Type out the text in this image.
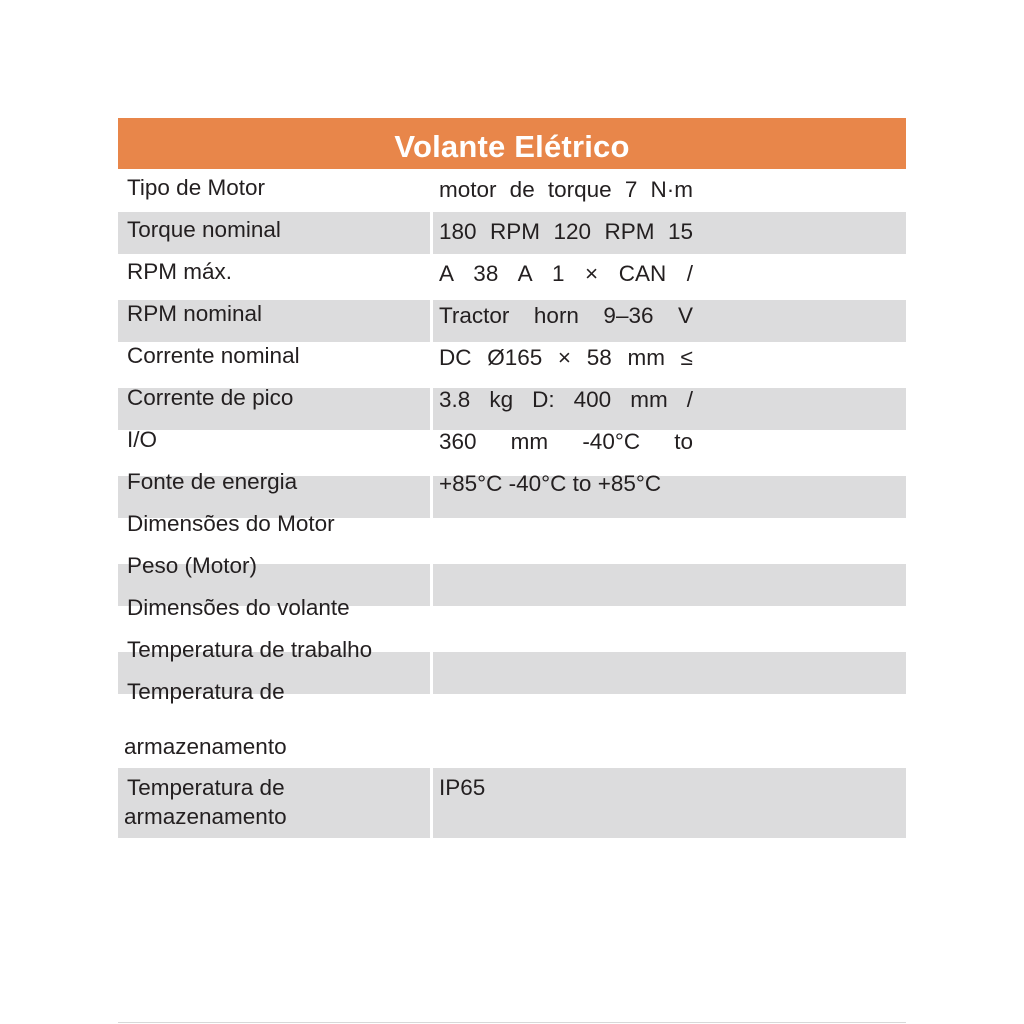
Volante Elétrico
Tipo de Motor
Torque nominal
RPM máx.
RPM nominal
Corrente nominal
Corrente de pico
I/O
Fonte de energia
Dimensões do Motor
Peso (Motor)
Dimensões do volante
Temperatura de trabalho
Temperatura de
armazenamento
motor de torque 7 N·m
180 RPM 120 RPM 15
A 38 A 1 × CAN /
Tractor horn 9–36 V
DC Ø165 × 58 mm ≤
3.8 kg D: 400 mm /
360 mm -40°C to
+85°C -40°C to +85°C
Temperatura de
armazenamento
IP65
